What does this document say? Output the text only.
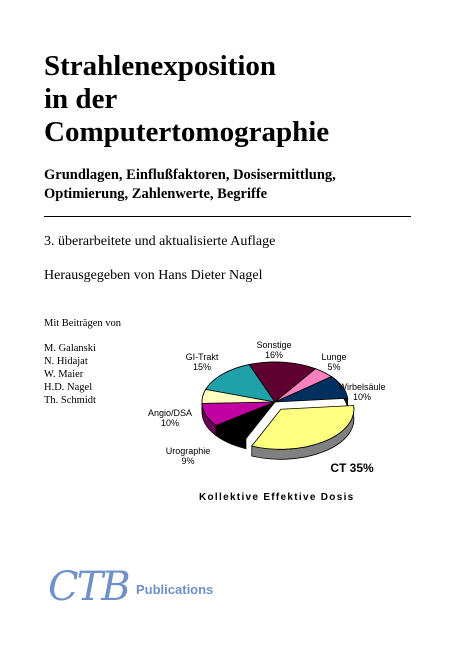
Strahlenexposition
in der
Computertomographie
Grundlagen, Einflußfaktoren, Dosisermittlung,
Optimierung, Zahlenwerte, Begriffe
3. überarbeitete und aktualisierte Auflage
Herausgegeben von Hans Dieter Nagel
Mit Beiträgen von
M. Galanski
N. Hidajat
W. Maier
H.D. Nagel
Th. Schmidt
CT 35%
Urographie
9%
Angio/DSA
10%
GI-Trakt
15%
Sonstige
16%	Lunge
5%
Wirbelsäule
10%
Kollektive Effektive Dosis
CTB Publications
